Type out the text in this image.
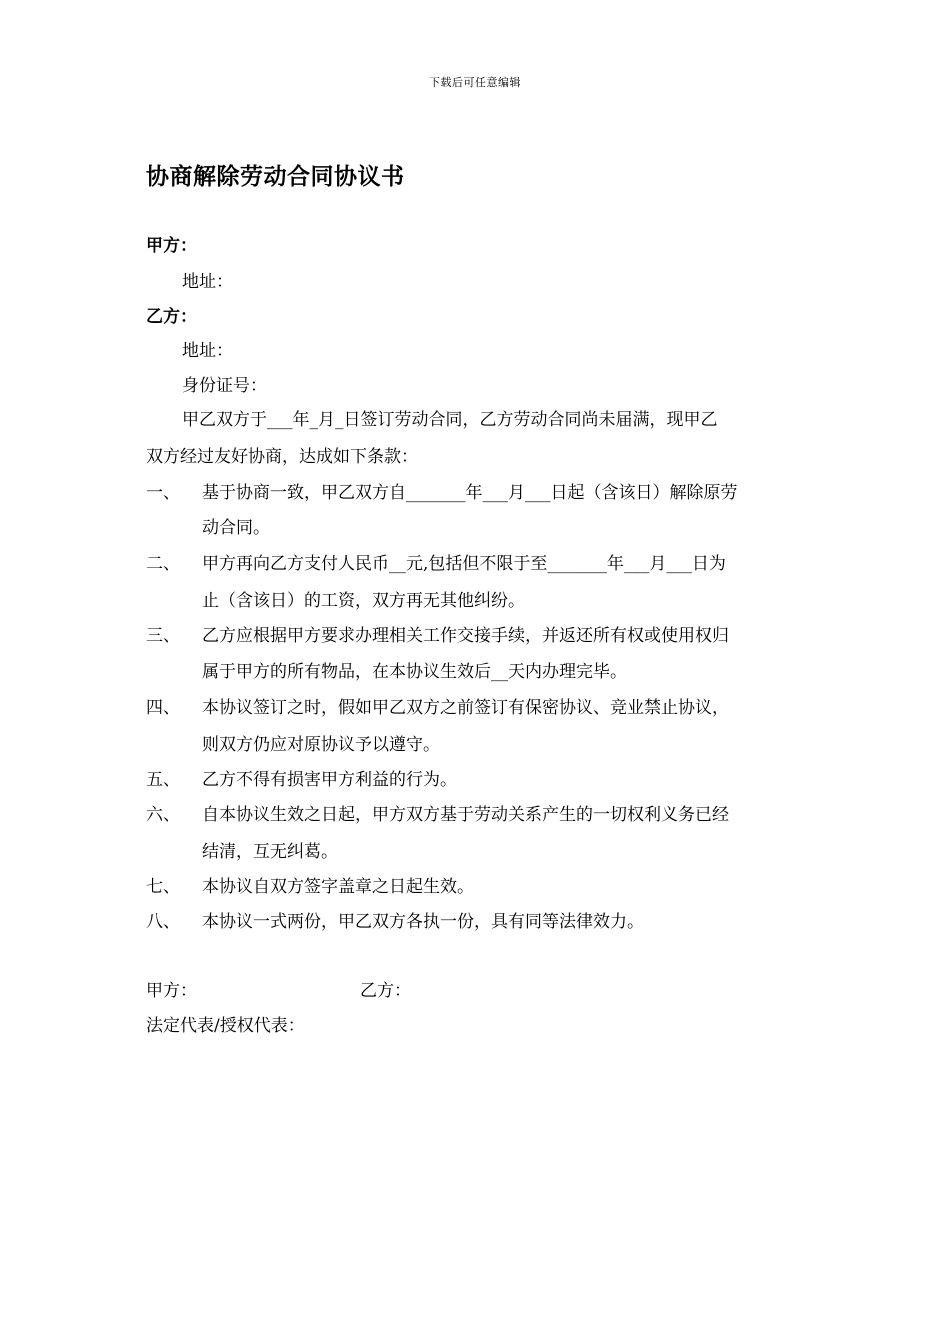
下载后可任意编辑
协商解除劳动合同协议书
甲方：
地址：
乙方：
地址：
身份证号：
甲乙双方于___年_月_日签订劳动合同，乙方劳动合同尚未届满，现甲乙
双方经过友好协商，达成如下条款：
一、 基于协商一致，甲乙双方自_______年___月___日起（含该日）解除原劳
动合同。
二、 甲方再向乙方支付人民币__元,包括但不限于至_______年___月___日为
止（含该日）的工资，双方再无其他纠纷。
三、 乙方应根据甲方要求办理相关工作交接手续，并返还所有权或使用权归
属于甲方的所有物品，在本协议生效后__天内办理完毕。
四、 本协议签订之时，假如甲乙双方之前签订有保密协议、竞业禁止协议，
则双方仍应对原协议予以遵守。
五、 乙方不得有损害甲方利益的行为。
六、 自本协议生效之日起，甲方双方基于劳动关系产生的一切权利义务已经
结清，互无纠葛。
七、 本协议自双方签字盖章之日起生效。
八、 本协议一式两份，甲乙双方各执一份，具有同等法律效力。
甲方：	乙方：
法定代表/授权代表：
